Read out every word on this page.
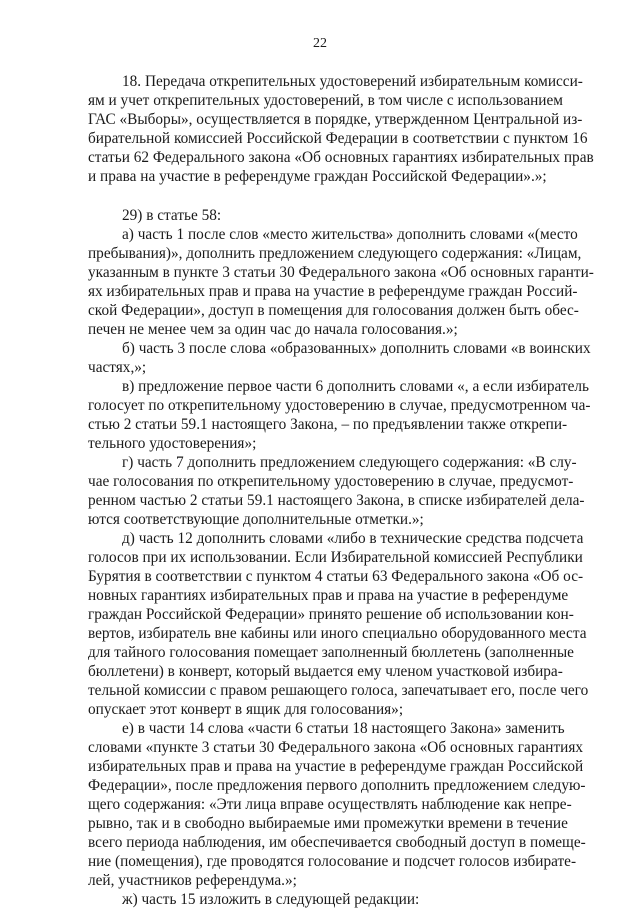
22
18. Передача открепительных удостоверений избирательным комисси-
ям и учет открепительных удостоверений, в том числе с использованием
ГАС «Выборы», осуществляется в порядке, утвержденном Центральной из-
бирательной комиссией Российской Федерации в соответствии с пунктом 16
статьи 62 Федерального закона «Об основных гарантиях избирательных прав
и права на участие в референдуме граждан Российской Федерации».»;
29) в статье 58:
а) часть 1 после слов «место жительства» дополнить словами «(место
пребывания)», дополнить предложением следующего содержания: «Лицам,
указанным в пункте 3 статьи 30 Федерального закона «Об основных гаранти-
ях избирательных прав и права на участие в референдуме граждан Россий-
ской Федерации», доступ в помещения для голосования должен быть обес-
печен не менее чем за один час до начала голосования.»;
б) часть 3 после слова «образованных» дополнить словами «в воинских
частях,»;
в) предложение первое части 6 дополнить словами «, а если избиратель
голосует по открепительному удостоверению в случае, предусмотренном ча-
стью 2 статьи 59.1 настоящего Закона, – по предъявлении также открепи-
тельного удостоверения»;
г) часть 7 дополнить предложением следующего содержания: «В слу-
чае голосования по открепительному удостоверению в случае, предусмот-
ренном частью 2 статьи 59.1 настоящего Закона, в списке избирателей дела-
ются соответствующие дополнительные отметки.»;
д) часть 12 дополнить словами «либо в технические средства подсчета
голосов при их использовании. Если Избирательной комиссией Республики
Бурятия в соответствии с пунктом 4 статьи 63 Федерального закона «Об ос-
новных гарантиях избирательных прав и права на участие в референдуме
граждан Российской Федерации» принято решение об использовании кон-
вертов, избиратель вне кабины или иного специально оборудованного места
для тайного голосования помещает заполненный бюллетень (заполненные
бюллетени) в конверт, который выдается ему членом участковой избира-
тельной комиссии с правом решающего голоса, запечатывает его, после чего
опускает этот конверт в ящик для голосования»;
е) в части 14 слова «части 6 статьи 18 настоящего Закона» заменить
словами «пункте 3 статьи 30 Федерального закона «Об основных гарантиях
избирательных прав и права на участие в референдуме граждан Российской
Федерации», после предложения первого дополнить предложением следую-
щего содержания: «Эти лица вправе осуществлять наблюдение как непре-
рывно, так и в свободно выбираемые ими промежутки времени в течение
всего периода наблюдения, им обеспечивается свободный доступ в помеще-
ние (помещения), где проводятся голосование и подсчет голосов избирате-
лей, участников референдума.»;
ж) часть 15 изложить в следующей редакции:
